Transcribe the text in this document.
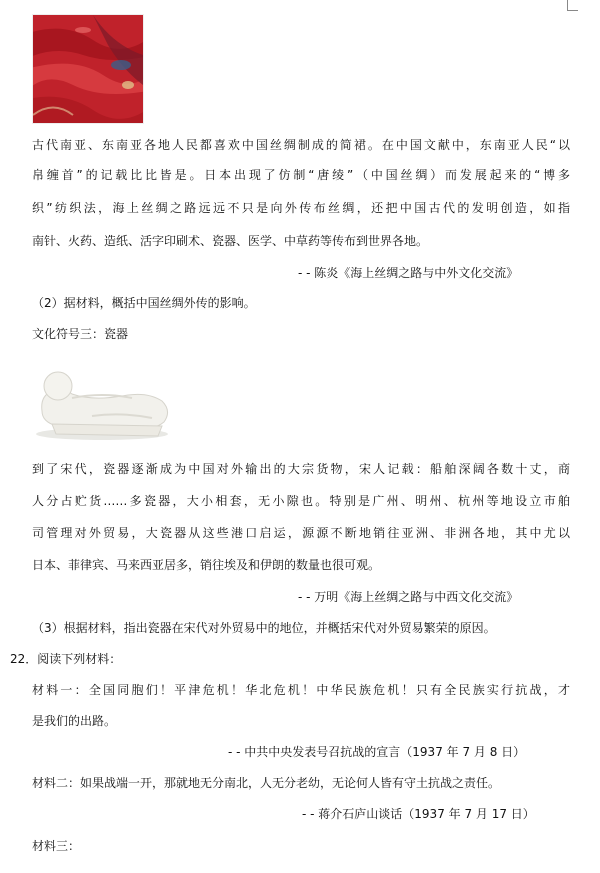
古代南亚、东南亚各地人民都喜欢中国丝绸制成的简裙。在中国文献中，东南亚人民“以
帛缠首”的记载比比皆是。日本出现了仿制“唐绫”（中国丝绸）而发展起来的“博多
织”纺织法，海上丝绸之路远远不只是向外传布丝绸，还把中国古代的发明创造，如指
南针、火药、造纸、活字印刷术、瓷器、医学、中草药等传布到世界各地。
- - 陈炎《海上丝绸之路与中外文化交流》
（2）据材料，概括中国丝绸外传的影响。
文化符号三：瓷器
到了宋代，瓷器逐渐成为中国对外输出的大宗货物，宋人记载：船舶深阔各数十丈，商
人分占贮货……多瓷器，大小相套，无小隙也。特别是广州、明州、杭州等地设立市舶
司管理对外贸易，大瓷器从这些港口启运，源源不断地销往亚洲、非洲各地，其中尤以
日本、菲律宾、马来西亚居多，销往埃及和伊朗的数量也很可观。
- - 万明《海上丝绸之路与中西文化交流》
（3）根据材料，指出瓷器在宋代对外贸易中的地位，并概括宋代对外贸易繁荣的原因。
22．阅读下列材料：
材料一：全国同胞们！平津危机！华北危机！中华民族危机！只有全民族实行抗战，才
是我们的出路。
- - 中共中央发表号召抗战的宣言（1937 年 7 月 8 日）
材料二：如果战端一开，那就地无分南北，人无分老幼，无论何人皆有守土抗战之责任。
- - 蒋介石庐山谈话（1937 年 7 月 17 日）
材料三：
